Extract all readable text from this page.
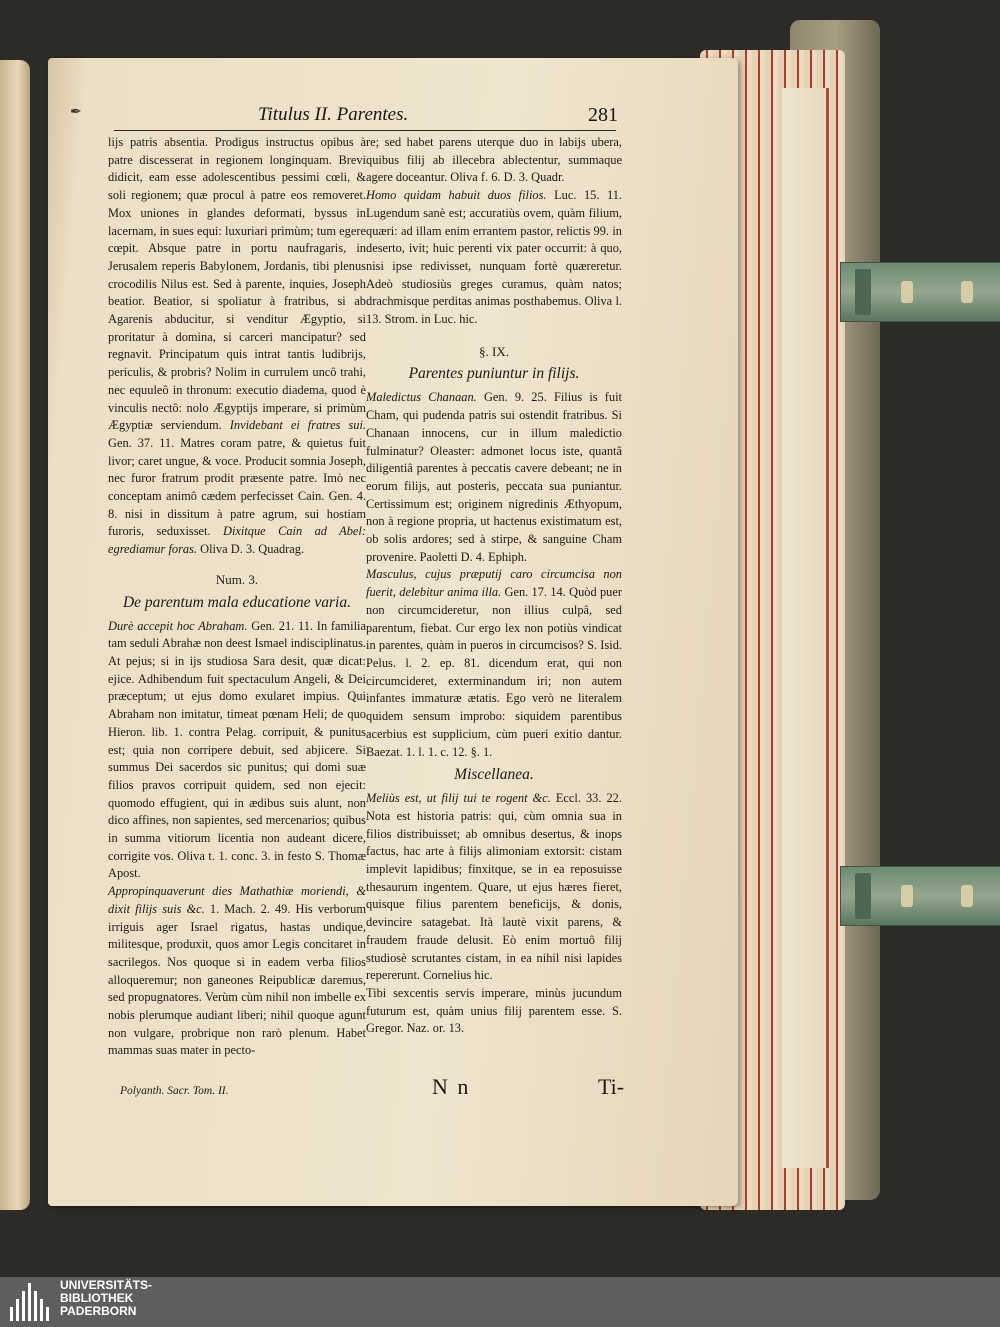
✒	Titulus II. Parentes.	281

lijs patris absentia. Prodigus instructus opibus à patre discesserat in regionem longinquam. Brevi didicit, eam esse adolescentibus pessimi cœli, & soli regionem; quæ procul à patre eos removeret. Mox uniones in glandes deformati, byssus in lacernam, in sues equi: luxuriari primùm; tum egere cœpit. Absque patre in portu naufragaris, in Jerusalem reperis Babylonem, Jordanis, tibi plenus crocodilis Nilus est. Sed à parente, inquies, Joseph beatior. Beatior, si spoliatur à fratribus, si ab Agarenis abducitur, si venditur Ægyptio, si proritatur à domina, si carceri mancipatur? sed regnavit. Principatum quis intrat tantis ludibrijs, periculis, & probris? Nolim in currulem uncô trahi, nec equuleô in thronum: executio diadema, quod è vinculis nectô: nolo Ægyptijs imperare, si primùm Ægyptiæ serviendum. Invidebant ei fratres sui. Gen. 37. 11. Matres coram patre, & quietus fuit livor; caret ungue, & voce. Producit somnia Joseph, nec furor fratrum prodit præsente patre. Imò nec conceptam animô cædem perfecisset Cain. Gen. 4. 8. nisi in dissitum à patre agrum, sui hostiam furoris, seduxisset. Dixitque Cain ad Abel: egrediamur foras. Oliva D. 3. Quadrag.

Num. 3.
De parentum mala educatione varia.

Durè accepit hoc Abraham. Gen. 21. 11. In familia tam seduli Abrahæ non deest Ismael indisciplinatus. At pejus; si in ijs studiosa Sara desit, quæ dicat: ejice. Adhibendum fuit spectaculum Angeli, & Dei præceptum; ut ejus domo exularet impius. Qui Abraham non imitatur, timeat pœnam Heli; de quo Hieron. lib. 1. contra Pelag. corripuit, & punitus est; quia non corripere debuit, sed abjicere. Si summus Dei sacerdos sic punitus; qui domi suæ filios pravos corripuit quidem, sed non ejecit: quomodo effugient, qui in ædibus suis alunt, non dico affines, non sapientes, sed mercenarios; quibus in summa vitiorum licentia non audeant dicere, corrigite vos. Oliva t. 1. conc. 3. in festo S. Thomæ Apost.

Appropinquaverunt dies Mathathiæ moriendi, & dixit filijs suis &c. 1. Mach. 2. 49. His verborum irriguis ager Israel rigatus, hastas undique, militesque, produxit, quos amor Legis concitaret in sacrilegos. Nos quoque si in eadem verba filios alloqueremur; non ganeones Reipublicæ daremus, sed propugnatores. Verùm cùm nihil non imbelle ex nobis plerumque audiant liberi; nihil quoque agunt non vulgare, probrique non rarò plenum. Habet mammas suas mater in pecto-

re; sed habet parens uterque duo in labijs ubera, quibus filij ab illecebra ablectentur, summaque agere doceantur. Oliva f. 6. D. 3. Quadr.

Homo quidam habuit duos filios. Luc. 15. 11. Lugendum sanè est; accuratiùs ovem, quàm filium, quæri: ad illam enim errantem pastor, relictis 99. in deserto, ivit; huic perenti vix pater occurrit: à quo, nisi ipse redivisset, nunquam fortè quæreretur. Adeò studiosiùs greges curamus, quàm natos; drachmisque perditas animas posthabemus. Oliva l. 13. Strom. in Luc. hic.

§. IX.
Parentes puniuntur in filijs.

Maledictus Chanaan. Gen. 9. 25. Filius is fuit Cham, qui pudenda patris sui ostendit fratribus. Si Chanaan innocens, cur in illum maledictio fulminatur? Oleaster: admonet locus iste, quantâ diligentiâ parentes à peccatis cavere debeant; ne in eorum filijs, aut posteris, peccata sua puniantur. Certissimum est; originem nigredinis Æthyopum, non à regione propria, ut hactenus existimatum est, ob solis ardores; sed à stirpe, & sanguine Cham provenire. Paoletti D. 4. Ephiph.

Masculus, cujus præputij caro circumcisa non fuerit, delebitur anima illa. Gen. 17. 14. Quòd puer non circumcideretur, non illius culpâ, sed parentum, fiebat. Cur ergo lex non potiùs vindicat in parentes, quàm in pueros in circumcisos? S. Isid. Pelus. l. 2. ep. 81. dicendum erat, qui non circumcideret, exterminandum iri; non autem infantes immaturæ ætatis. Ego verò ne literalem quidem sensum improbo: siquidem parentibus acerbius est supplicium, cùm pueri exitio dantur. Baezat. 1. l. 1. c. 12. §. 1.

Miscellanea.

Meliùs est, ut filij tui te rogent &c. Eccl. 33. 22. Nota est historia patris: qui, cùm omnia sua in filios distribuisset; ab omnibus desertus, & inops factus, hac arte à filijs alimoniam extorsit: cistam implevit lapidibus; finxitque, se in ea reposuisse thesaurum ingentem. Quare, ut ejus hæres fieret, quisque filius parentem beneficijs, & donis, devincire satagebat. Ità lautè vixit parens, & fraudem fraude delusit. Eò enim mortuô filij studiosè scrutantes cistam, in ea nihil nisi lapides repererunt. Cornelius hic.

Tibi sexcentis servis imperare, minùs jucundum futurum est, quàm unius filij parentem esse. S. Gregor. Naz. or. 13.

Polyanth. Sacr. Tom. II.	N n	Ti-
UNIVERSITÄTS-
BIBLIOTHEK
PADERBORN
